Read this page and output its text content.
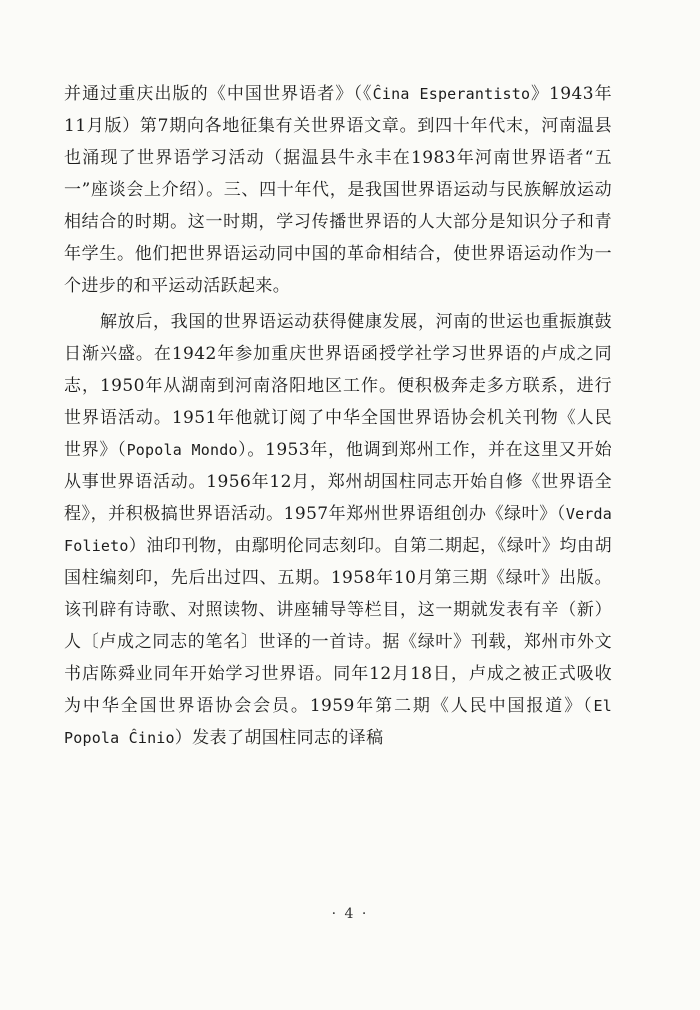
并通过重庆出版的《中国世界语者》（《Ĉina Esperantisto》1943年11月版）第7期向各地征集有关世界语文章。到四十年代末，河南温县也涌现了世界语学习活动（据温县牛永丰在1983年河南世界语者“五一”座谈会上介绍）。三、四十年代，是我国世界语运动与民族解放运动相结合的时期。这一时期，学习传播世界语的人大部分是知识分子和青年学生。他们把世界语运动同中国的革命相结合，使世界语运动作为一个进步的和平运动活跃起来。

解放后，我国的世界语运动获得健康发展，河南的世运也重振旗鼓日渐兴盛。在1942年参加重庆世界语函授学社学习世界语的卢成之同志，1950年从湖南到河南洛阳地区工作。便积极奔走多方联系，进行世界语活动。1951年他就订阅了中华全国世界语协会机关刊物《人民世界》（Popola Mondo）。1953年，他调到郑州工作，并在这里又开始从事世界语活动。1956年12月，郑州胡国柱同志开始自修《世界语全程》，并积极搞世界语活动。1957年郑州世界语组创办《绿叶》（Verda Folieto）油印刊物，由鄢明伦同志刻印。自第二期起，《绿叶》均由胡国柱编刻印，先后出过四、五期。1958年10月第三期《绿叶》出版。该刊辟有诗歌、对照读物、讲座辅导等栏目，这一期就发表有辛（新）人〔卢成之同志的笔名〕世译的一首诗。据《绿叶》刊载，郑州市外文书店陈舜业同年开始学习世界语。同年12月18日，卢成之被正式吸收为中华全国世界语协会会员。1959年第二期《人民中国报道》（El Popola Ĉinio）发表了胡国柱同志的译稿

· 4 ·
